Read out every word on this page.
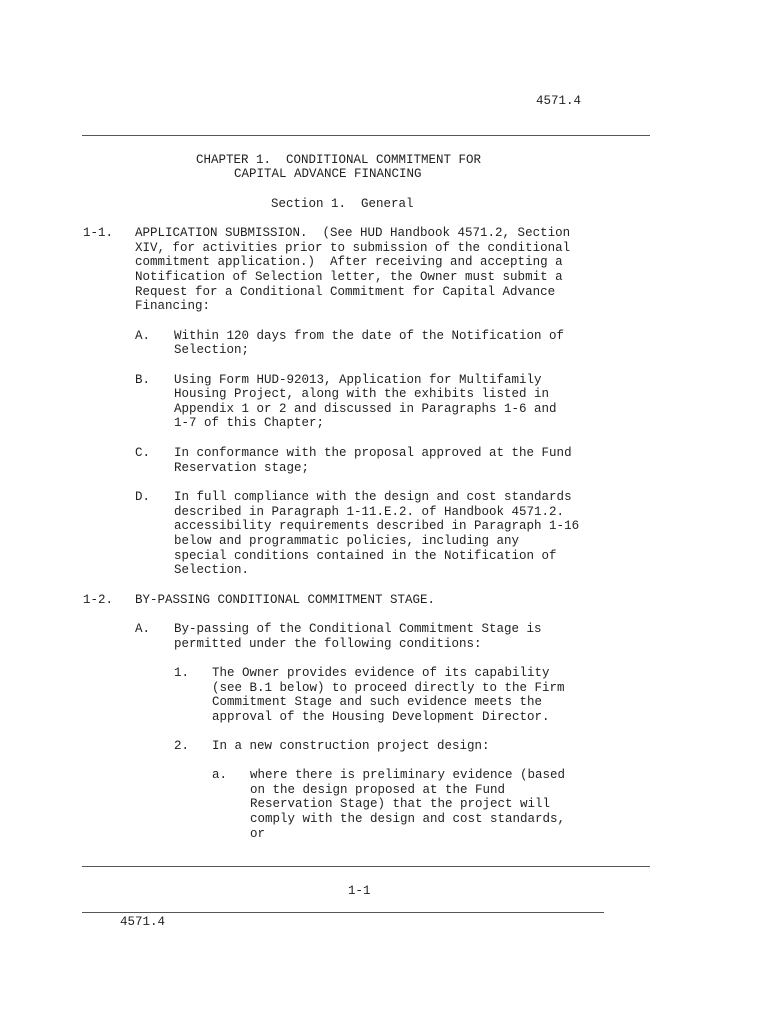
4571.4
CHAPTER 1.  CONDITIONAL COMMITMENT FOR
CAPITAL ADVANCE FINANCING
Section 1.  General
1-1. APPLICATION SUBMISSION.  (See HUD Handbook 4571.2, Section
XIV, for activities prior to submission of the conditional
commitment application.)  After receiving and accepting a
Notification of Selection letter, the Owner must submit a
Request for a Conditional Commitment for Capital Advance
Financing:
A. Within 120 days from the date of the Notification of
Selection;
B. Using Form HUD-92013, Application for Multifamily
Housing Project, along with the exhibits listed in
Appendix 1 or 2 and discussed in Paragraphs 1-6 and
1-7 of this Chapter;
C. In conformance with the proposal approved at the Fund
Reservation stage;
D. In full compliance with the design and cost standards
described in Paragraph 1-11.E.2. of Handbook 4571.2.
accessibility requirements described in Paragraph 1-16
below and programmatic policies, including any
special conditions contained in the Notification of
Selection.
1-2. BY-PASSING CONDITIONAL COMMITMENT STAGE.
A. By-passing of the Conditional Commitment Stage is
permitted under the following conditions:
1. The Owner provides evidence of its capability
(see B.1 below) to proceed directly to the Firm
Commitment Stage and such evidence meets the
approval of the Housing Development Director.
2. In a new construction project design:
a. where there is preliminary evidence (based
on the design proposed at the Fund
Reservation Stage) that the project will
comply with the design and cost standards,
or
1-1
4571.4
